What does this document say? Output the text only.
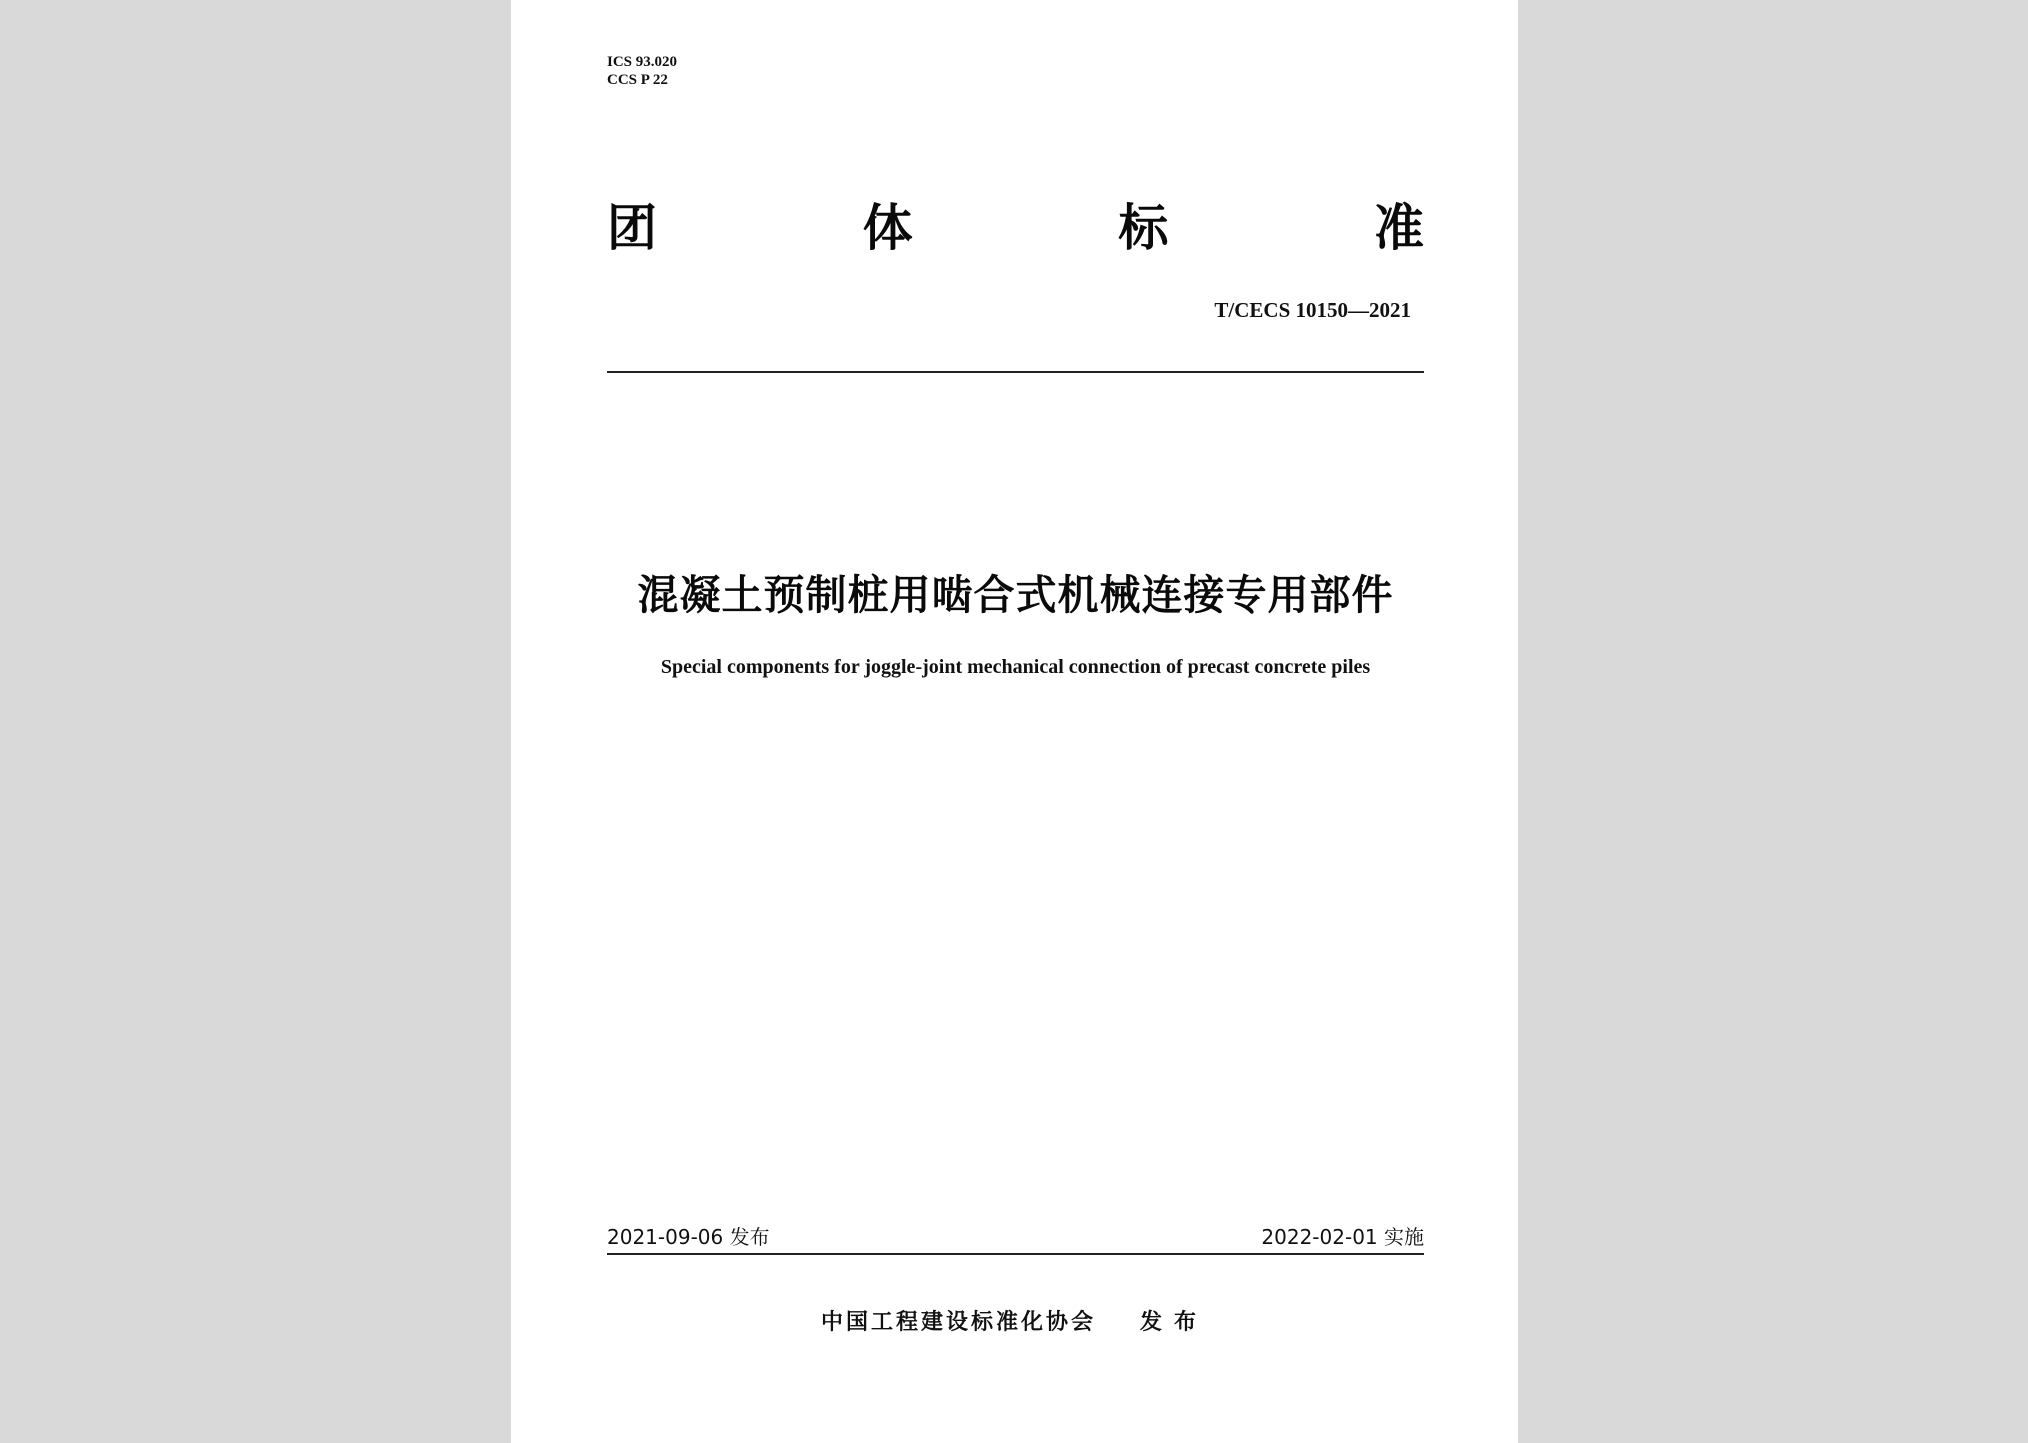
ICS 93.020
CCS P 22
团	体	标	准
T/CECS 10150—2021
混凝土预制桩用啮合式机械连接专用部件
Special components for joggle-joint mechanical connection of precast concrete piles
2021-09-06 发布	2022-02-01 实施
中国工程建设标准化协会 发布
